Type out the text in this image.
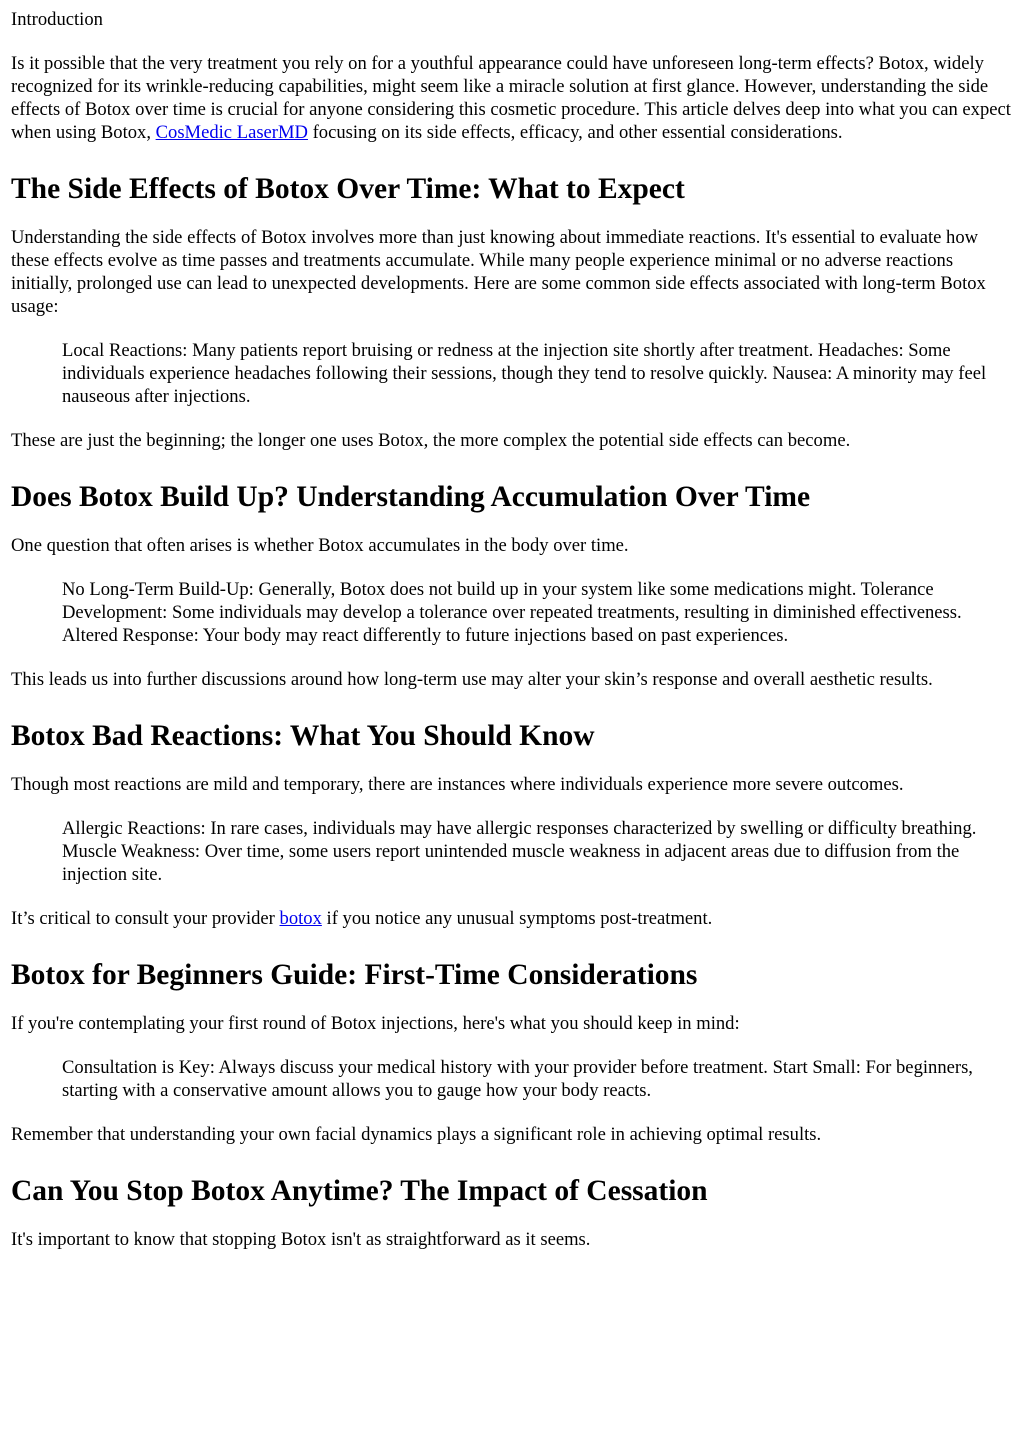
Introduction

Is it possible that the very treatment you rely on for a youthful appearance could have unforeseen long-term effects? Botox, widely recognized for its wrinkle-reducing capabilities, might seem like a miracle solution at first glance. However, understanding the side effects of Botox over time is crucial for anyone considering this cosmetic procedure. This article delves deep into what you can expect when using Botox, CosMedic LaserMD focusing on its side effects, efficacy, and other essential considerations.

The Side Effects of Botox Over Time: What to Expect

Understanding the side effects of Botox involves more than just knowing about immediate reactions. It's essential to evaluate how these effects evolve as time passes and treatments accumulate. While many people experience minimal or no adverse reactions initially, prolonged use can lead to unexpected developments. Here are some common side effects associated with long-term Botox usage:

Local Reactions: Many patients report bruising or redness at the injection site shortly after treatment. Headaches: Some individuals experience headaches following their sessions, though they tend to resolve quickly. Nausea: A minority may feel nauseous after injections.

These are just the beginning; the longer one uses Botox, the more complex the potential side effects can become.

Does Botox Build Up? Understanding Accumulation Over Time

One question that often arises is whether Botox accumulates in the body over time.

No Long-Term Build-Up: Generally, Botox does not build up in your system like some medications might. Tolerance Development: Some individuals may develop a tolerance over repeated treatments, resulting in diminished effectiveness. Altered Response: Your body may react differently to future injections based on past experiences.

This leads us into further discussions around how long-term use may alter your skin’s response and overall aesthetic results.

Botox Bad Reactions: What You Should Know

Though most reactions are mild and temporary, there are instances where individuals experience more severe outcomes.

Allergic Reactions: In rare cases, individuals may have allergic responses characterized by swelling or difficulty breathing. Muscle Weakness: Over time, some users report unintended muscle weakness in adjacent areas due to diffusion from the injection site.

It’s critical to consult your provider botox if you notice any unusual symptoms post-treatment.

Botox for Beginners Guide: First-Time Considerations

If you're contemplating your first round of Botox injections, here's what you should keep in mind:

Consultation is Key: Always discuss your medical history with your provider before treatment. Start Small: For beginners, starting with a conservative amount allows you to gauge how your body reacts.

Remember that understanding your own facial dynamics plays a significant role in achieving optimal results.

Can You Stop Botox Anytime? The Impact of Cessation

It's important to know that stopping Botox isn't as straightforward as it seems.
